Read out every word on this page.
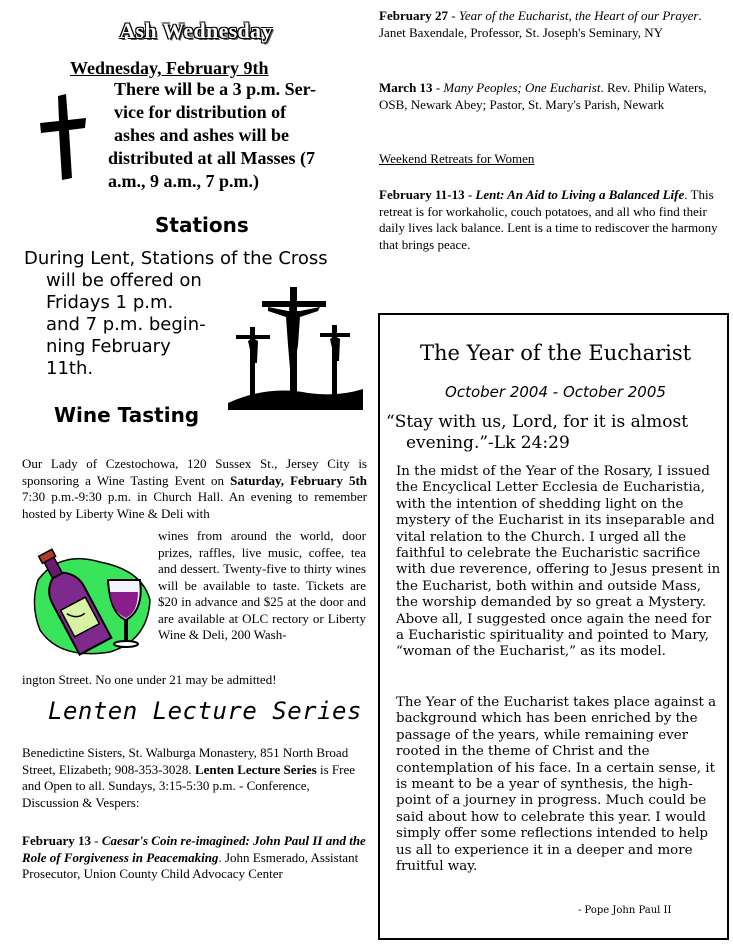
Ash Wednesday
Wednesday, February 9th
There will be a 3 p.m. Ser-
vice for distribution of
ashes and ashes will be
distributed at all Masses (7
a.m., 9 a.m., 7 p.m.)
Stations
During Lent, Stations of the Cross
will be offered on
Fridays 1 p.m.
and 7 p.m. begin-
ning February
11th.
Wine Tasting

Our Lady of Czestochowa, 120 Sussex St., Jersey City is sponsoring a Wine Tasting Event on Saturday, February 5th 7:30 p.m.-9:30 p.m. in Church Hall. An evening to remember hosted by Liberty Wine & Deli with

wines from around the world, door prizes, raffles, live music, coffee, tea and dessert. Twenty-five to thirty wines will be available to taste. Tickets are $20 in advance and $25 at the door and are available at OLC rectory or Liberty Wine & Deli, 200 Wash-

ington Street. No one under 21 may be admitted!

Lenten Lecture Series

Benedictine Sisters, St. Walburga Monastery, 851 North Broad Street, Elizabeth; 908-353-3028. Lenten Lecture Series is Free and Open to all. Sundays, 3:15-5:30 p.m. - Conference, Discussion & Vespers:

February 13 - Caesar's Coin re-imagined: John Paul II and the Role of Forgiveness in Peacemaking. John Esmerado, Assistant Prosecutor, Union County Child Advocacy Center

February 27 - Year of the Eucharist, the Heart of our Prayer. Janet Baxendale, Professor, St. Joseph's Seminary, NY

March 13 - Many Peoples; One Eucharist. Rev. Philip Waters, OSB, Newark Abey; Pastor, St. Mary's Parish, Newark

Weekend Retreats for Women

February 11-13 - Lent: An Aid to Living a Balanced Life. This retreat is for workaholic, couch potatoes, and all who find their daily lives lack balance. Lent is a time to rediscover the harmony that brings peace.

The Year of the Eucharist
October 2004 - October 2005
“Stay with us, Lord, for it is almost evening.”-Lk 24:29

In the midst of the Year of the Rosary, I issued the Encyclical Letter Ecclesia de Eucharistia, with the intention of shedding light on the mystery of the Eucharist in its inseparable and vital relation to the Church. I urged all the faithful to celebrate the Eucharistic sacrifice with due reverence, offering to Jesus present in the Eucharist, both within and outside Mass, the worship demanded by so great a Mystery. Above all, I suggested once again the need for a Eucharistic spirituality and pointed to Mary, “woman of the Eucharist,” as its model.

The Year of the Eucharist takes place against a background which has been enriched by the passage of the years, while remaining ever rooted in the theme of Christ and the contemplation of his face. In a certain sense, it is meant to be a year of synthesis, the high-point of a journey in progress. Much could be said about how to celebrate this year. I would simply offer some reflections intended to help us all to experience it in a deeper and more fruitful way.

- Pope John Paul II
